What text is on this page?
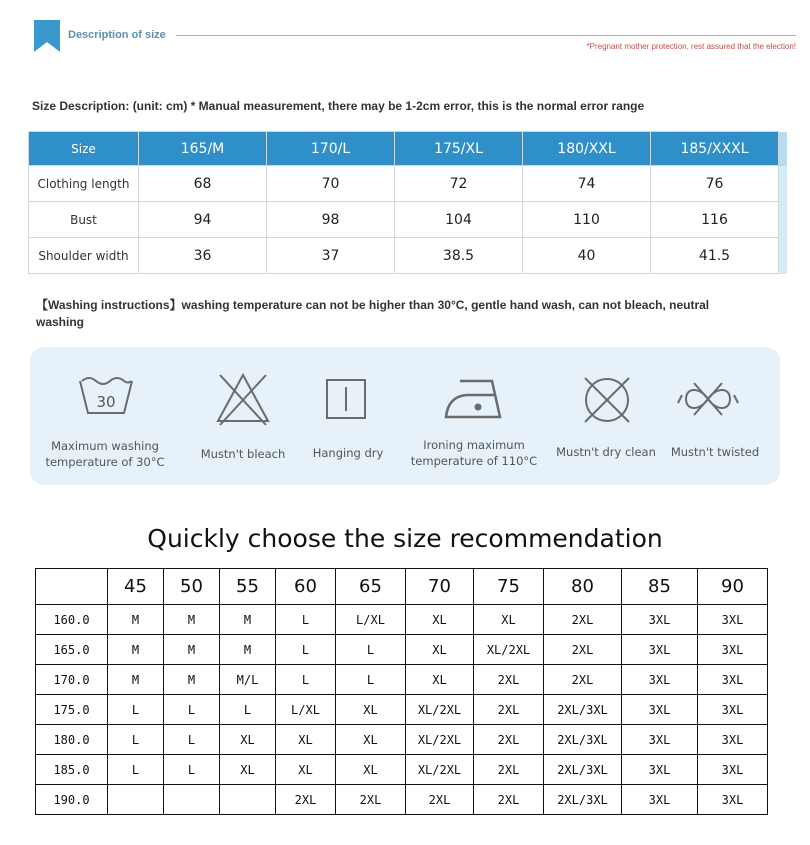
Description of size
*Pregnant mother protection, rest assured that the election!
Size Description: (unit: cm) * Manual measurement, there may be 1-2cm error, this is the normal error range
Size	165/M	170/L	175/XL	180/XXL	185/XXXL	
Clothing length	68	70	72	74	76	
Bust	94	98	104	110	116	
Shoulder width	36	37	38.5	40	41.5	
【Washing instructions】washing temperature can not be higher than 30°C, gentle hand wash, can not bleach, neutral washing
30
Maximum washing
temperature of 30°C
Mustn't bleach	Hanging dry
Ironing maximum
temperature of 110°C
Mustn't dry clean	Mustn't twisted
Quickly choose the size recommendation
	45	50	55	60	65	70	75	80	85	90
160.0	M	M	M	L	L/XL	XL	XL	2XL	3XL	3XL
165.0	M	M	M	L	L	XL	XL/2XL	2XL	3XL	3XL
170.0	M	M	M/L	L	L	XL	2XL	2XL	3XL	3XL
175.0	L	L	L	L/XL	XL	XL/2XL	2XL	2XL/3XL	3XL	3XL
180.0	L	L	XL	XL	XL	XL/2XL	2XL	2XL/3XL	3XL	3XL
185.0	L	L	XL	XL	XL	XL/2XL	2XL	2XL/3XL	3XL	3XL
190.0				2XL	2XL	2XL	2XL	2XL/3XL	3XL	3XL
